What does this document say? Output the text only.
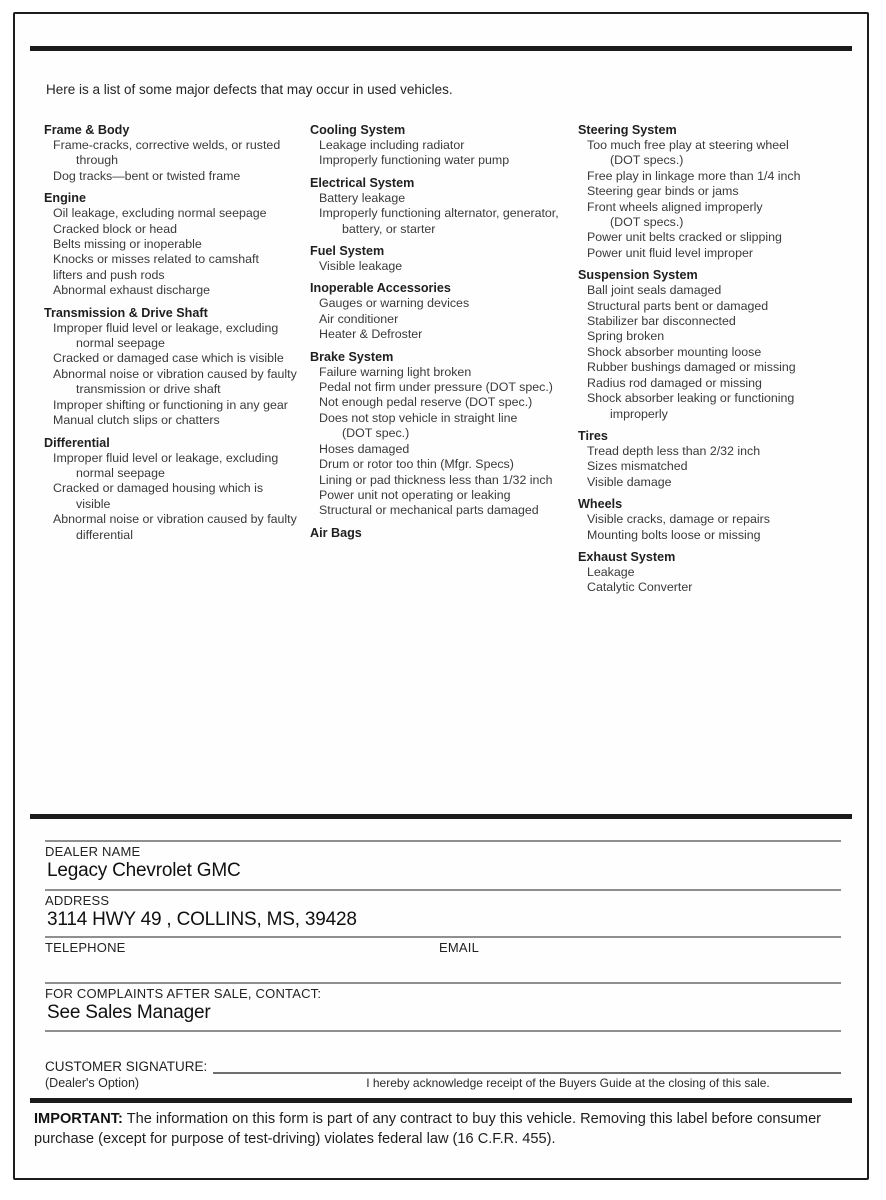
Here is a list of some major defects that may occur in used vehicles.
Frame & Body
Frame-cracks, corrective welds, or rusted
through
Dog tracks—bent or twisted frame
Engine
Oil leakage, excluding normal seepage
Cracked block or head
Belts missing or inoperable
Knocks or misses related to camshaft
lifters and push rods
Abnormal exhaust discharge
Transmission & Drive Shaft
Improper fluid level or leakage, excluding
normal seepage
Cracked or damaged case which is visible
Abnormal noise or vibration caused by faulty
transmission or drive shaft
Improper shifting or functioning in any gear
Manual clutch slips or chatters
Differential
Improper fluid level or leakage, excluding
normal seepage
Cracked or damaged housing which is
visible
Abnormal noise or vibration caused by faulty
differential
Cooling System
Leakage including radiator
Improperly functioning water pump
Electrical System
Battery leakage
Improperly functioning alternator, generator,
battery, or starter
Fuel System
Visible leakage
Inoperable Accessories
Gauges or warning devices
Air conditioner
Heater & Defroster
Brake System
Failure warning light broken
Pedal not firm under pressure (DOT spec.)
Not enough pedal reserve (DOT spec.)
Does not stop vehicle in straight line
(DOT spec.)
Hoses damaged
Drum or rotor too thin (Mfgr. Specs)
Lining or pad thickness less than 1/32 inch
Power unit not operating or leaking
Structural or mechanical parts damaged
Air Bags
Steering System
Too much free play at steering wheel
(DOT specs.)
Free play in linkage more than 1/4 inch
Steering gear binds or jams
Front wheels aligned improperly
(DOT specs.)
Power unit belts cracked or slipping
Power unit fluid level improper
Suspension System
Ball joint seals damaged
Structural parts bent or damaged
Stabilizer bar disconnected
Spring broken
Shock absorber mounting loose
Rubber bushings damaged or missing
Radius rod damaged or missing
Shock absorber leaking or functioning
improperly
Tires
Tread depth less than 2/32 inch
Sizes mismatched
Visible damage
Wheels
Visible cracks, damage or repairs
Mounting bolts loose or missing
Exhaust System
Leakage
Catalytic Converter
DEALER NAME
Legacy Chevrolet GMC
ADDRESS
3114 HWY 49 , COLLINS, MS, 39428
TELEPHONE	EMAIL
FOR COMPLAINTS AFTER SALE, CONTACT:
See Sales Manager
CUSTOMER SIGNATURE:
(Dealer's Option)	I hereby acknowledge receipt of the Buyers Guide at the closing of this sale.
IMPORTANT: The information on this form is part of any contract to buy this vehicle. Removing this label before consumer purchase (except for purpose of test-driving) violates federal law (16 C.F.R. 455).
